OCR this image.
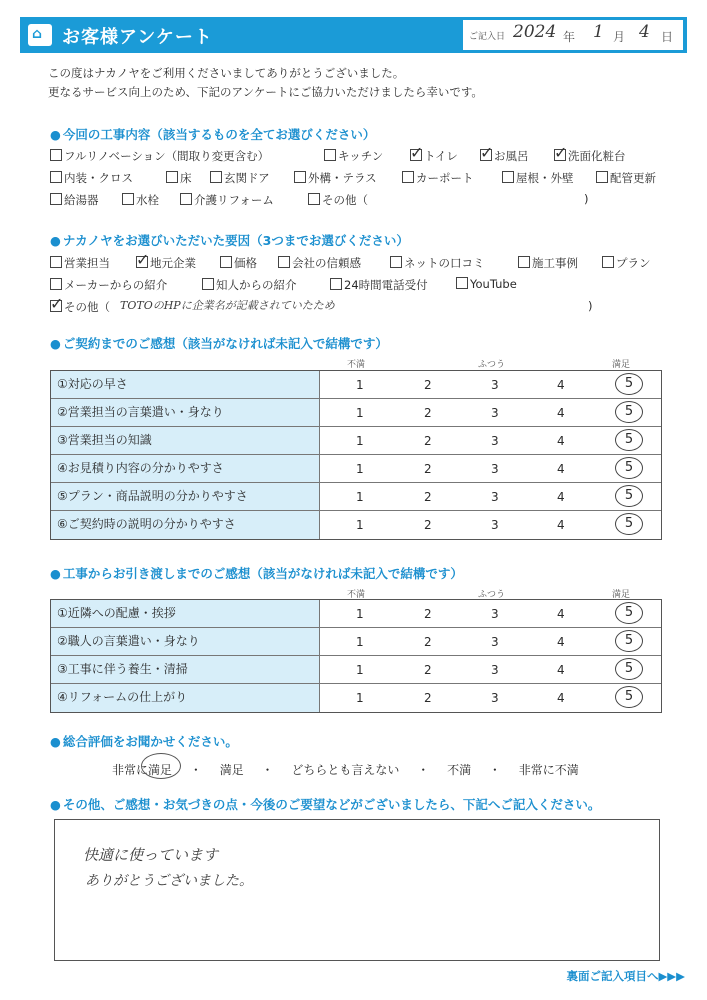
⌂ お客様アンケート	ご記入日 2024 年 1 月 4 日
この度はナカノヤをご利用くださいましてありがとうございました。
更なるサービス向上のため、下記のアンケートにご協力いただけましたら幸いです。
● 今回の工事内容（該当するものを全てお選びください）
フルリノベーション（間取り変更含む）	キッチン ✓	トイレ ✓	お風呂 ✓	洗面化粧台
内装・クロス	床	玄関ドア	外構・テラス	カーポート	屋根・外壁	配管更新
給湯器	水栓	介護リフォーム	その他（	)
● ナカノヤをお選びいただいた要因（3つまでお選びください）
営業担当 ✓	地元企業	価格	会社の信頼感	ネットの口コミ	施工事例	プラン
メーカーからの紹介	知人からの紹介	24時間電話受付	YouTube
✓その他（ TOTOのHPに企業名が記載されていたため	)
● ご契約までのご感想（該当がなければ未記入で結構です）
不満	ふつう	満足
①対応の早さ	1	2	3	4	5
②営業担当の言葉遣い・身なり	1	2	3	4	5
③営業担当の知識	1	2	3	4	5
④お見積り内容の分かりやすさ	1	2	3	4	5
⑤プラン・商品説明の分かりやすさ	1	2	3	4	5
⑥ご契約時の説明の分かりやすさ	1	2	3	4	5
● 工事からお引き渡しまでのご感想（該当がなければ未記入で結構です）
不満	ふつう	満足
①近隣への配慮・挨拶	1	2	3	4	5
②職人の言葉遣い・身なり	1	2	3	4	5
③工事に伴う養生・清掃	1	2	3	4	5
④リフォームの仕上がり	1	2	3	4	5
● 総合評価をお聞かせください。
非常に満足 ・ 満足 ・ どちらとも言えない ・ 不満 ・ 非常に不満
● その他、ご感想・お気づきの点・今後のご要望などがございましたら、下記へご記入ください。
快適に使っています
ありがとうございました。
裏面ご記入項目へ▶▶▶
